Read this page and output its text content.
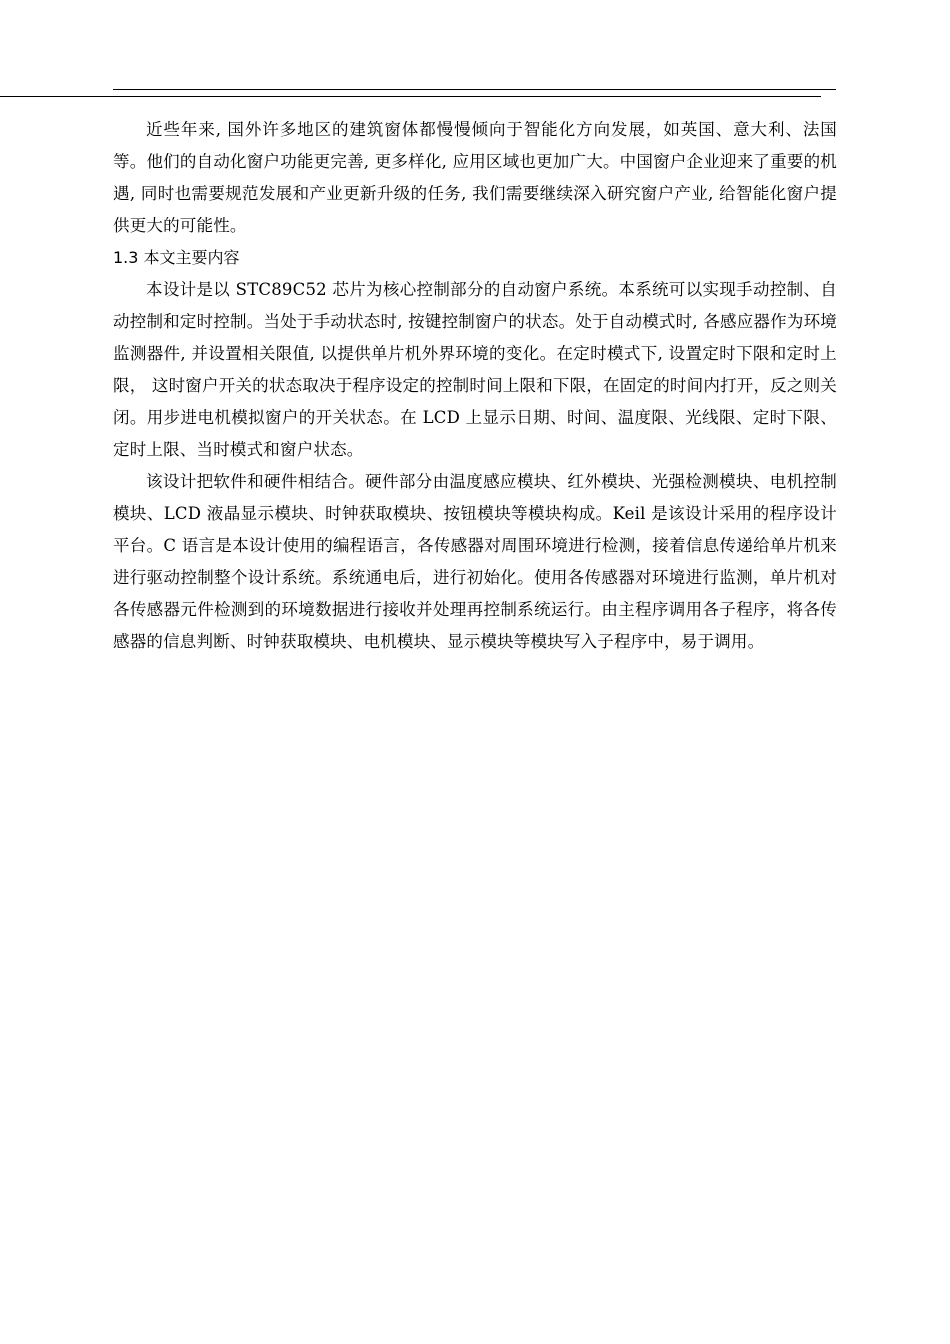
近些年来, 国外许多地区的建筑窗体都慢慢倾向于智能化方向发展，如英国、意大利、法国等。他们的自动化窗户功能更完善, 更多样化, 应用区域也更加广大。中国窗户企业迎来了重要的机遇, 同时也需要规范发展和产业更新升级的任务, 我们需要继续深入研究窗户产业, 给智能化窗户提供更大的可能性。

1.3 本文主要内容

本设计是以 STC89C52 芯片为核心控制部分的自动窗户系统。本系统可以实现手动控制、自动控制和定时控制。当处于手动状态时, 按键控制窗户的状态。处于自动模式时, 各感应器作为环境监测器件, 并设置相关限值, 以提供单片机外界环境的变化。在定时模式下, 设置定时下限和定时上限， 这时窗户开关的状态取决于程序设定的控制时间上限和下限，在固定的时间内打开，反之则关闭。用步进电机模拟窗户的开关状态。在 LCD 上显示日期、时间、温度限、光线限、定时下限、定时上限、当时模式和窗户状态。

该设计把软件和硬件相结合。硬件部分由温度感应模块、红外模块、光强检测模块、电机控制模块、LCD 液晶显示模块、时钟获取模块、按钮模块等模块构成。Keil 是该设计采用的程序设计平台。C 语言是本设计使用的编程语言，各传感器对周围环境进行检测，接着信息传递给单片机来进行驱动控制整个设计系统。系统通电后，进行初始化。使用各传感器对环境进行监测，单片机对各传感器元件检测到的环境数据进行接收并处理再控制系统运行。由主程序调用各子程序，将各传感器的信息判断、时钟获取模块、电机模块、显示模块等模块写入子程序中，易于调用。
